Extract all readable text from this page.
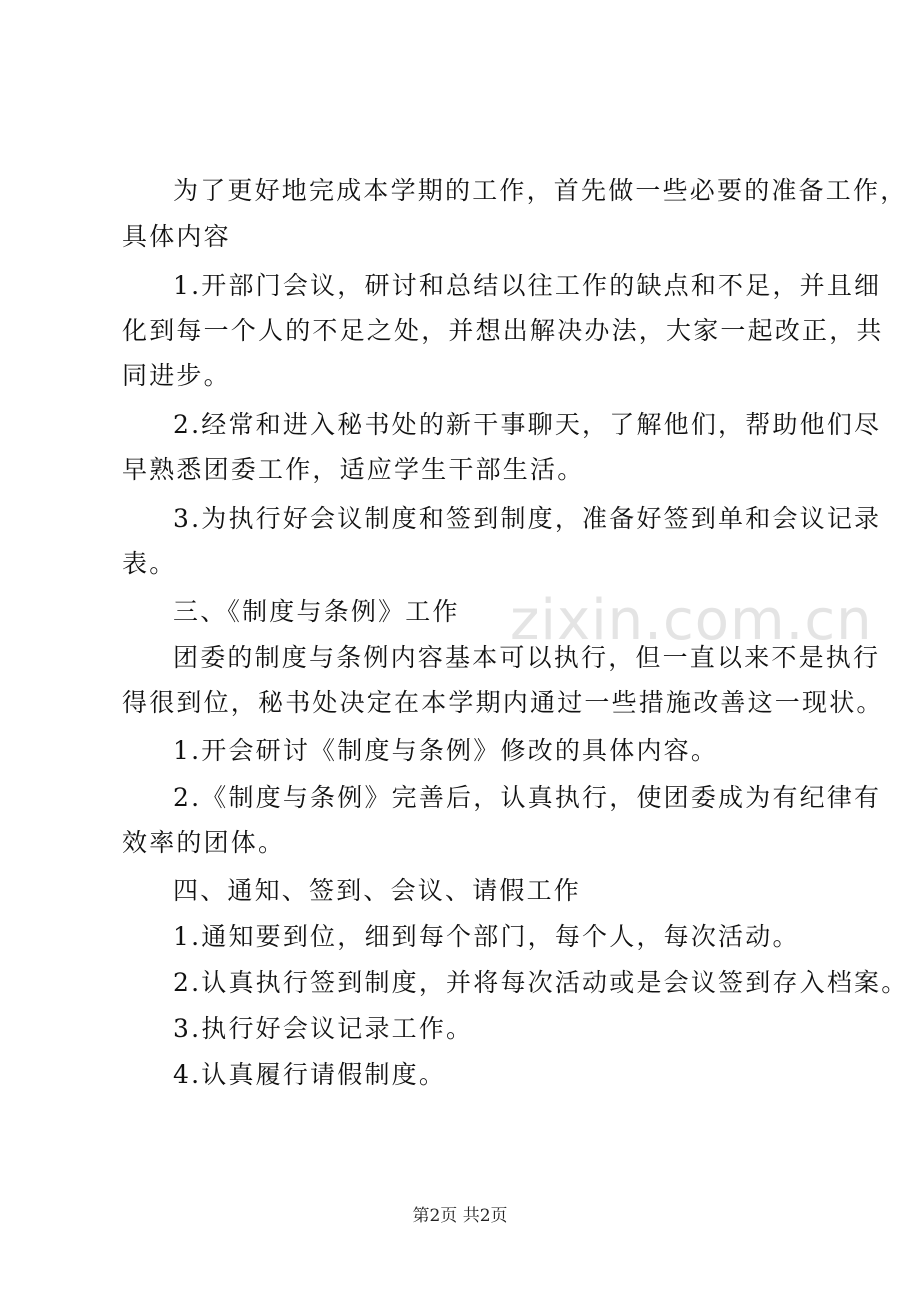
zixin.com.cn
为了更好地完成本学期的工作，首先做一些必要的准备工作，
具体内容
1.开部门会议，研讨和总结以往工作的缺点和不足，并且细
化到每一个人的不足之处，并想出解决办法，大家一起改正，共
同进步。
2.经常和进入秘书处的新干事聊天，了解他们，帮助他们尽
早熟悉团委工作，适应学生干部生活。
3.为执行好会议制度和签到制度，准备好签到单和会议记录
表。
三、《制度与条例》工作
团委的制度与条例内容基本可以执行，但一直以来不是执行
得很到位，秘书处决定在本学期内通过一些措施改善这一现状。
1.开会研讨《制度与条例》修改的具体内容。
2.《制度与条例》完善后，认真执行，使团委成为有纪律有
效率的团体。
四、通知、签到、会议、请假工作
1.通知要到位，细到每个部门，每个人，每次活动。
2.认真执行签到制度，并将每次活动或是会议签到存入档案。
3.执行好会议记录工作。
4.认真履行请假制度。
第2页 共2页
